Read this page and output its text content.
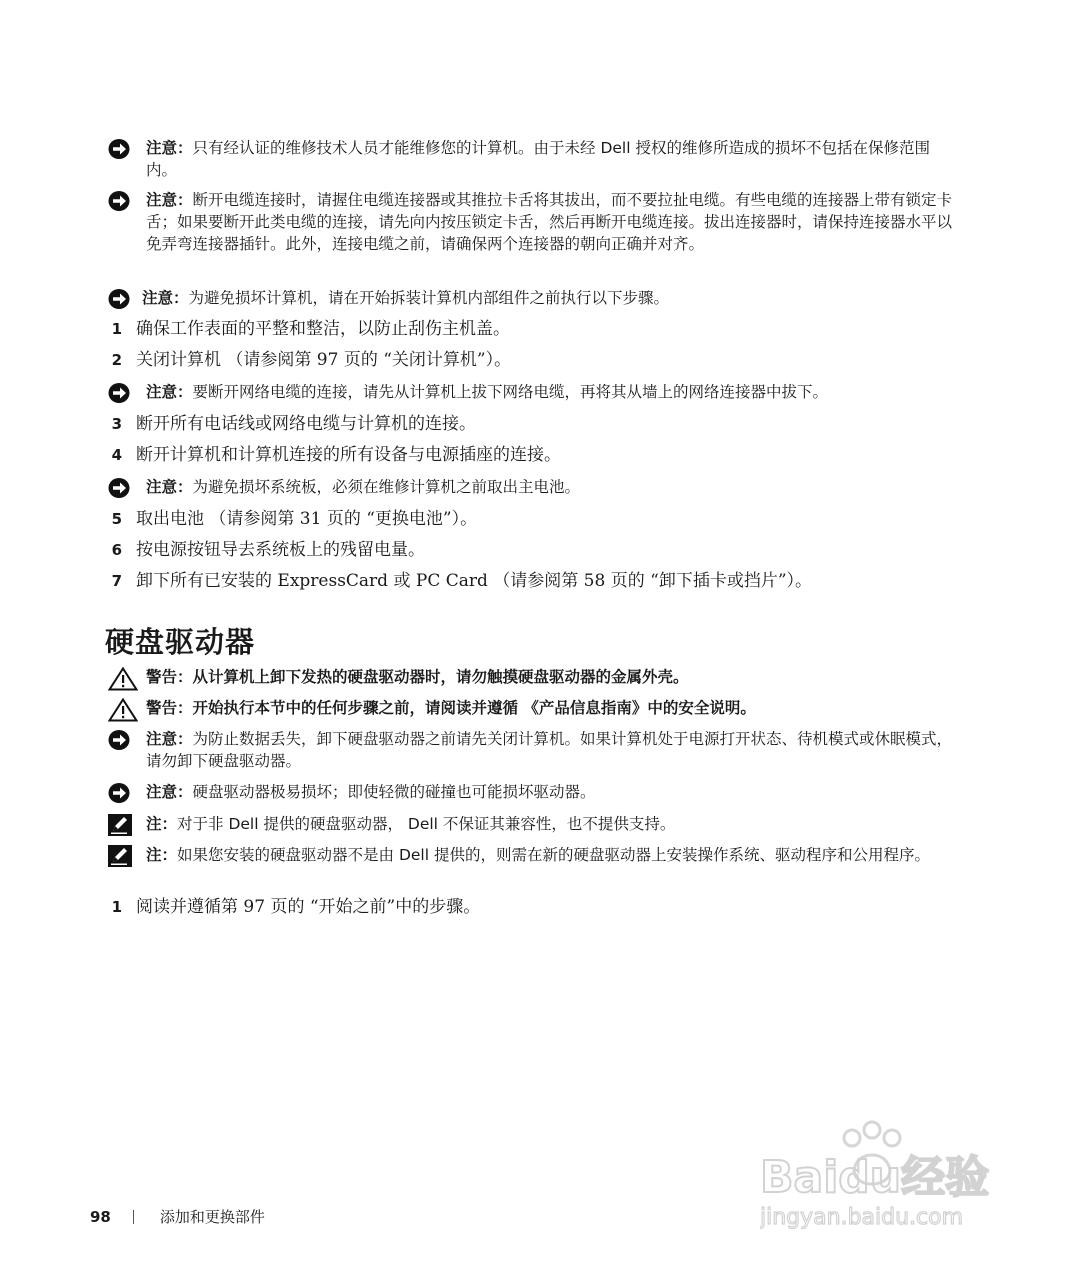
注意：只有经认证的维修技术人员才能维修您的计算机。由于未经 Dell 授权的维修所造成的损坏不包括在保修范围内。
注意：断开电缆连接时，请握住电缆连接器或其推拉卡舌将其拔出，而不要拉扯电缆。有些电缆的连接器上带有锁定卡舌；如果要断开此类电缆的连接，请先向内按压锁定卡舌，然后再断开电缆连接。拔出连接器时，请保持连接器水平以免弄弯连接器插针。此外，连接电缆之前，请确保两个连接器的朝向正确并对齐。
注意：为避免损坏计算机，请在开始拆装计算机内部组件之前执行以下步骤。
1 确保工作表面的平整和整洁，以防止刮伤主机盖。
2 关闭计算机 （请参阅第 97 页的 “关闭计算机”）。
注意：要断开网络电缆的连接，请先从计算机上拔下网络电缆，再将其从墙上的网络连接器中拔下。
3 断开所有电话线或网络电缆与计算机的连接。
4 断开计算机和计算机连接的所有设备与电源插座的连接。
注意：为避免损坏系统板，必须在维修计算机之前取出主电池。
5 取出电池 （请参阅第 31 页的 “更换电池”）。
6 按电源按钮导去系统板上的残留电量。
7 卸下所有已安装的 ExpressCard 或 PC Card （请参阅第 58 页的 “卸下插卡或挡片”）。
硬盘驱动器
警告：从计算机上卸下发热的硬盘驱动器时，请勿触摸硬盘驱动器的金属外壳。
警告：开始执行本节中的任何步骤之前，请阅读并遵循 《产品信息指南》中的安全说明。
注意：为防止数据丢失，卸下硬盘驱动器之前请先关闭计算机。如果计算机处于电源打开状态、待机模式或休眠模式，请勿卸下硬盘驱动器。
注意：硬盘驱动器极易损坏；即使轻微的碰撞也可能损坏驱动器。
注：对于非 Dell 提供的硬盘驱动器， Dell 不保证其兼容性，也不提供支持。
注：如果您安装的硬盘驱动器不是由 Dell 提供的，则需在新的硬盘驱动器上安装操作系统、驱动程序和公用程序。
1 阅读并遵循第 97 页的 “开始之前”中的步骤。
98	添加和更换部件
Baidu经验
jingyan.baidu.com
